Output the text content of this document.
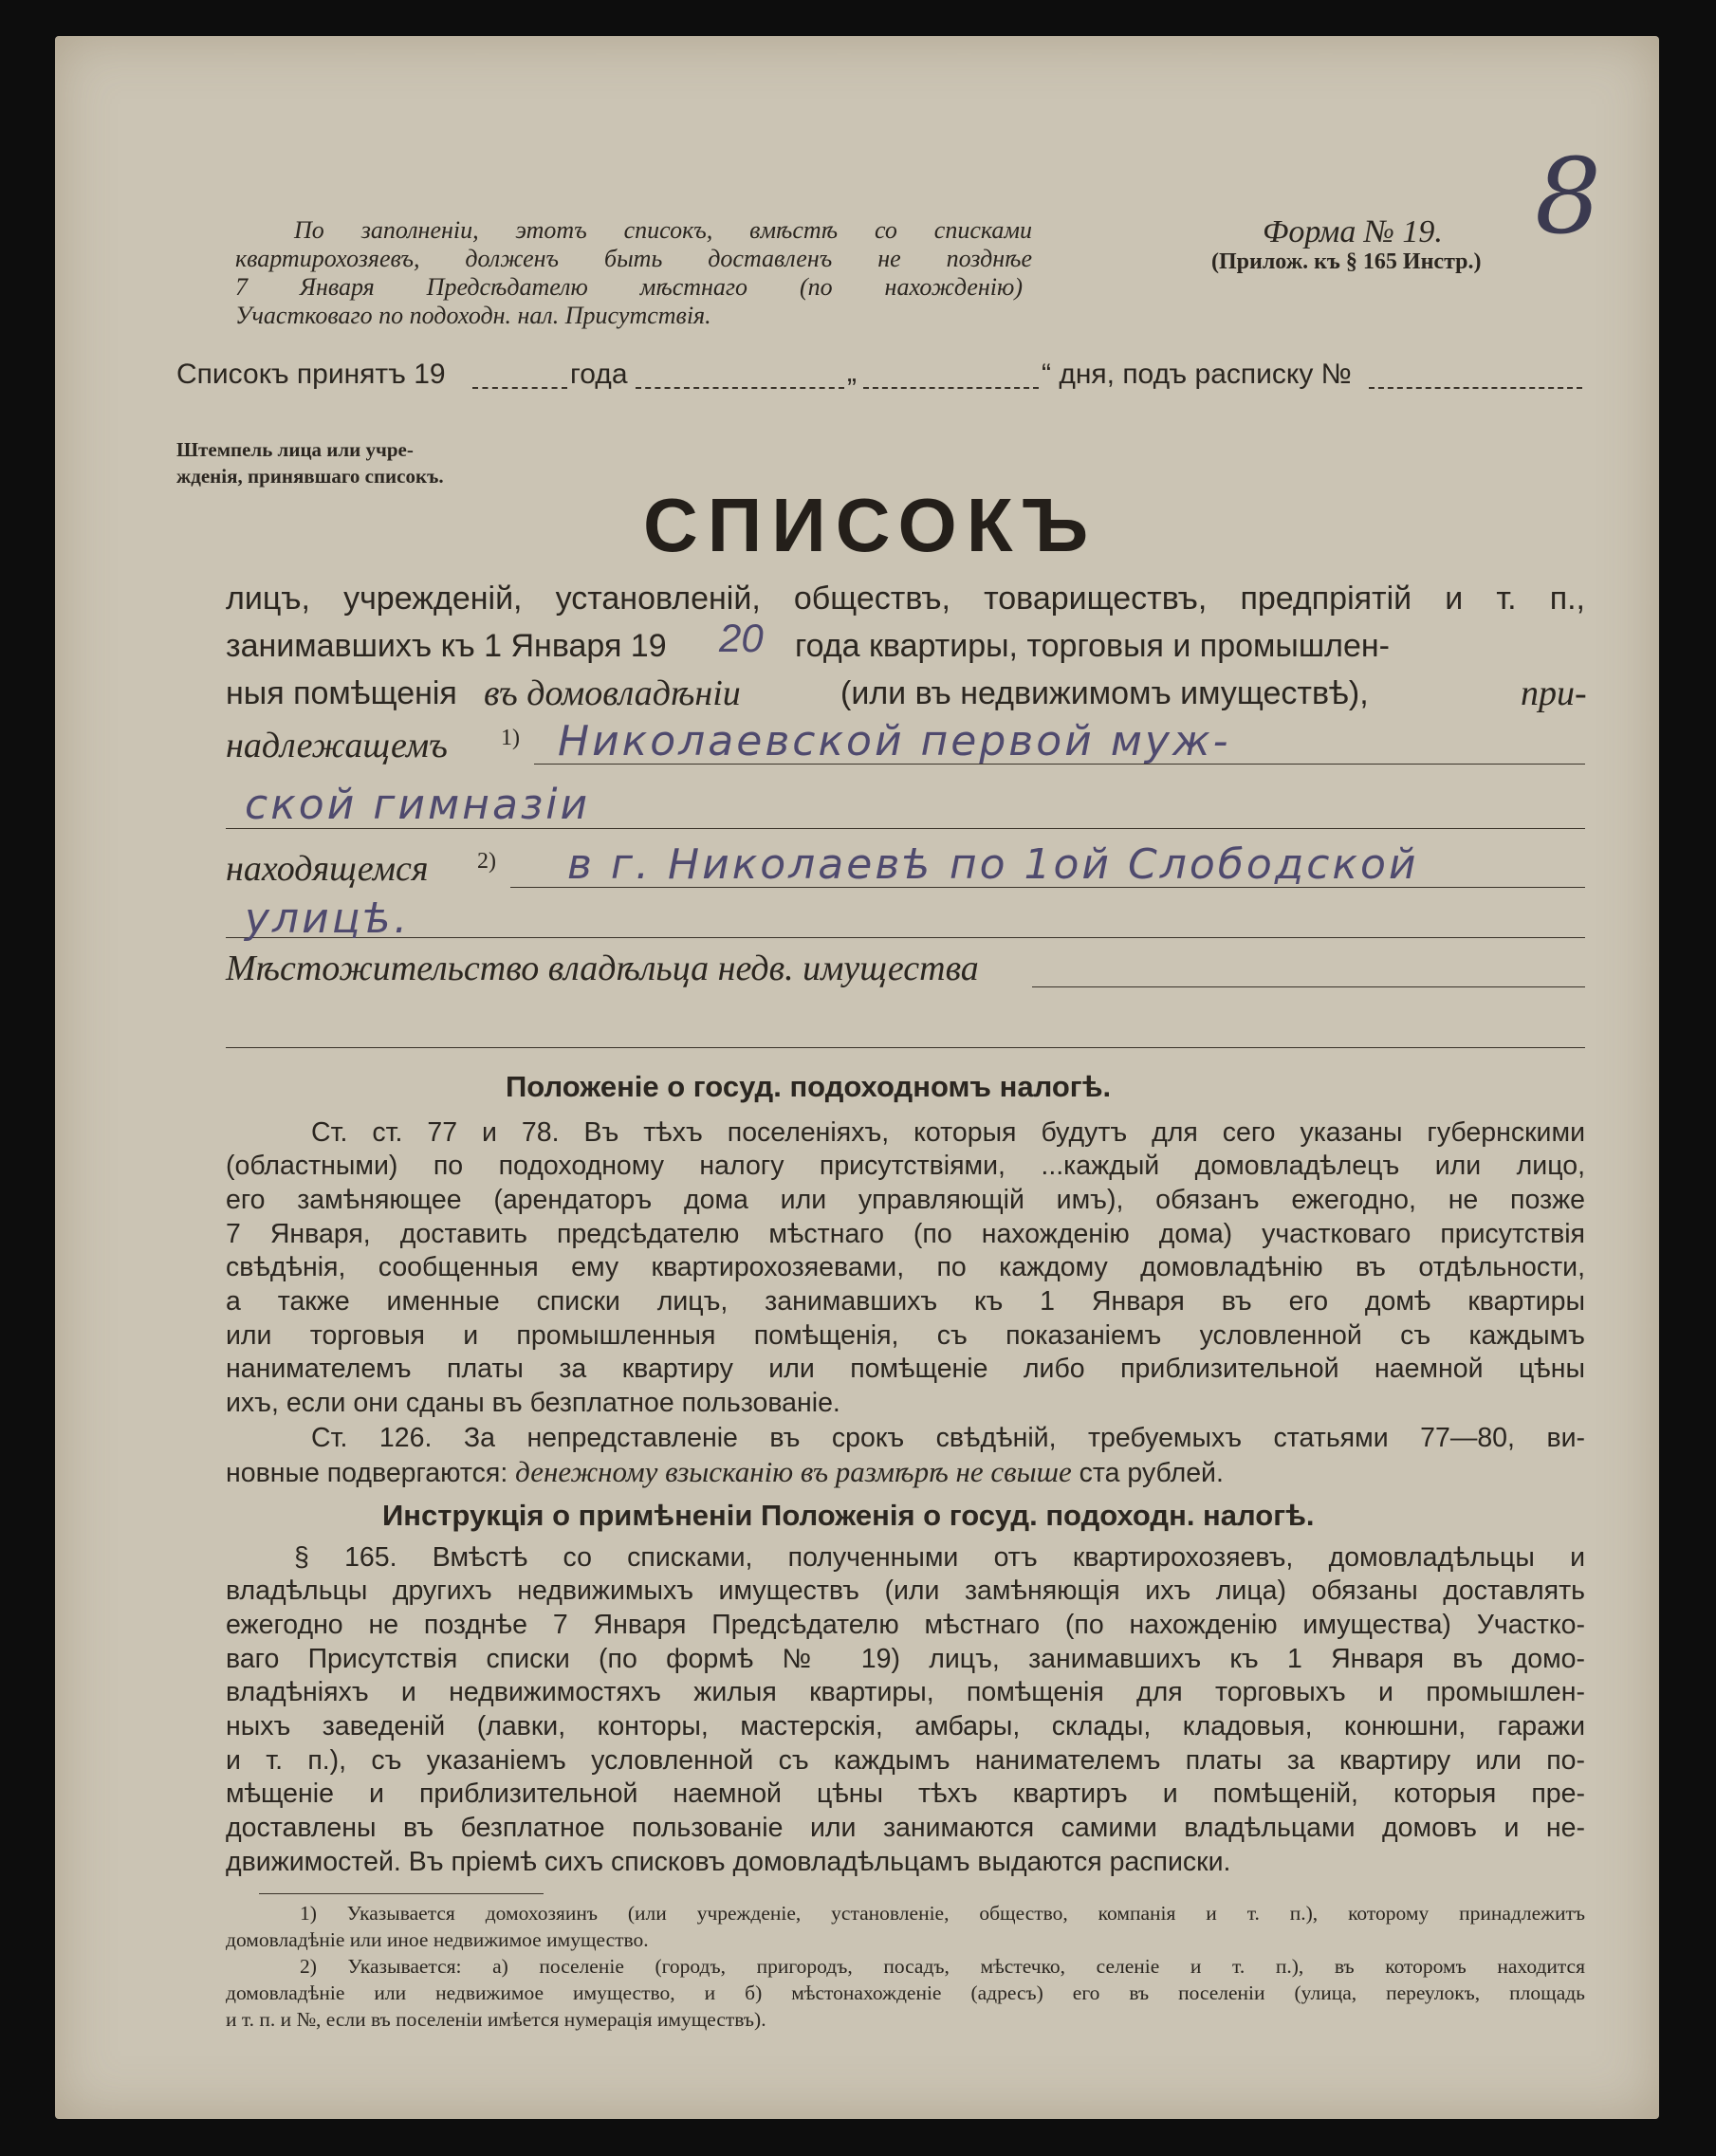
8
По заполненіи, этотъ списокъ, вмѣстѣ со списками
квартирохозяевъ, долженъ быть доставленъ не позднѣе
7 Января Предсѣдателю мѣстнаго (по нахожденію)
Участковаго по подоходн. нал. Присутствія.
Форма № 19.
(Прилож. къ § 165 Инстр.)
Списокъ принятъ 19	года	„	“ дня, подъ расписку №
Штемпель лица или учре-
жденія, принявшаго списокъ.
СПИСОКЪ
лицъ, учрежденій, установленій, обществъ, товариществъ, предпріятій и т. п.,
занимавшихъ къ 1 Января 19 20 года квартиры, торговыя и промышлен-
ныя помѣщенія въ домовладѣніи	(или въ недвижимомъ имуществѣ),	при-
надлежащемъ 1) Николаевской первой муж-
ской гимназіи
находящемся 2) в г. Николаевѣ по 1ой Слободской
улицѣ.
Мѣстожительство владѣльца недв. имущества
Положеніе о госуд. подоходномъ налогѣ.
Ст. ст. 77 и 78. Въ тѣхъ поселеніяхъ, которыя будутъ для сего указаны губернскими
(областными) по подоходному налогу присутствіями, ...каждый домовладѣлецъ или лицо,
его замѣняющее (арендаторъ дома или управляющій имъ), обязанъ ежегодно, не позже
7 Января, доставить предсѣдателю мѣстнаго (по нахожденію дома) участковаго присутствія
свѣдѣнія, сообщенныя ему квартирохозяевами, по каждому домовладѣнію въ отдѣльности,
а также именные списки лицъ, занимавшихъ къ 1 Января въ его домѣ квартиры
или торговыя и промышленныя помѣщенія, съ показаніемъ условленной съ каждымъ
нанимателемъ платы за квартиру или помѣщеніе либо приблизительной наемной цѣны
ихъ, если они сданы въ безплатное пользованіе.
Ст. 126. За непредставленіе въ срокъ свѣдѣній, требуемыхъ статьями 77—80, ви-
новные подвергаются: денежному взысканію въ размѣрѣ не свыше ста рублей.
Инструкція о примѣненіи Положенія о госуд. подоходн. налогѣ.
§ 165. Вмѣстѣ со списками, полученными отъ квартирохозяевъ, домовладѣльцы и
владѣльцы другихъ недвижимыхъ имуществъ (или замѣняющія ихъ лица) обязаны доставлять
ежегодно не позднѣе 7 Января Предсѣдателю мѣстнаго (по нахожденію имущества) Участко-
ваго Присутствія списки (по формѣ № 19) лицъ, занимавшихъ къ 1 Января въ домо-
владѣніяхъ и недвижимостяхъ жилыя квартиры, помѣщенія для торговыхъ и промышлен-
ныхъ заведеній (лавки, конторы, мастерскія, амбары, склады, кладовыя, конюшни, гаражи
и т. п.), съ указаніемъ условленной съ каждымъ нанимателемъ платы за квартиру или по-
мѣщеніе и приблизительной наемной цѣны тѣхъ квартиръ и помѣщеній, которыя пре-
доставлены въ безплатное пользованіе или занимаются самими владѣльцами домовъ и не-
движимостей. Въ пріемѣ сихъ списковъ домовладѣльцамъ выдаются расписки.
1) Указывается домохозяинъ (или учрежденіе, установленіе, общество, компанія и т. п.), которому принадлежитъ
домовладѣніе или иное недвижимое имущество.
2) Указывается: а) поселеніе (городъ, пригородъ, посадъ, мѣстечко, селеніе и т. п.), въ которомъ находится
домовладѣніе или недвижимое имущество, и б) мѣстонахожденіе (адресъ) его въ поселеніи (улица, переулокъ, площадь
и т. п. и №, если въ поселеніи имѣется нумерація имуществъ).
